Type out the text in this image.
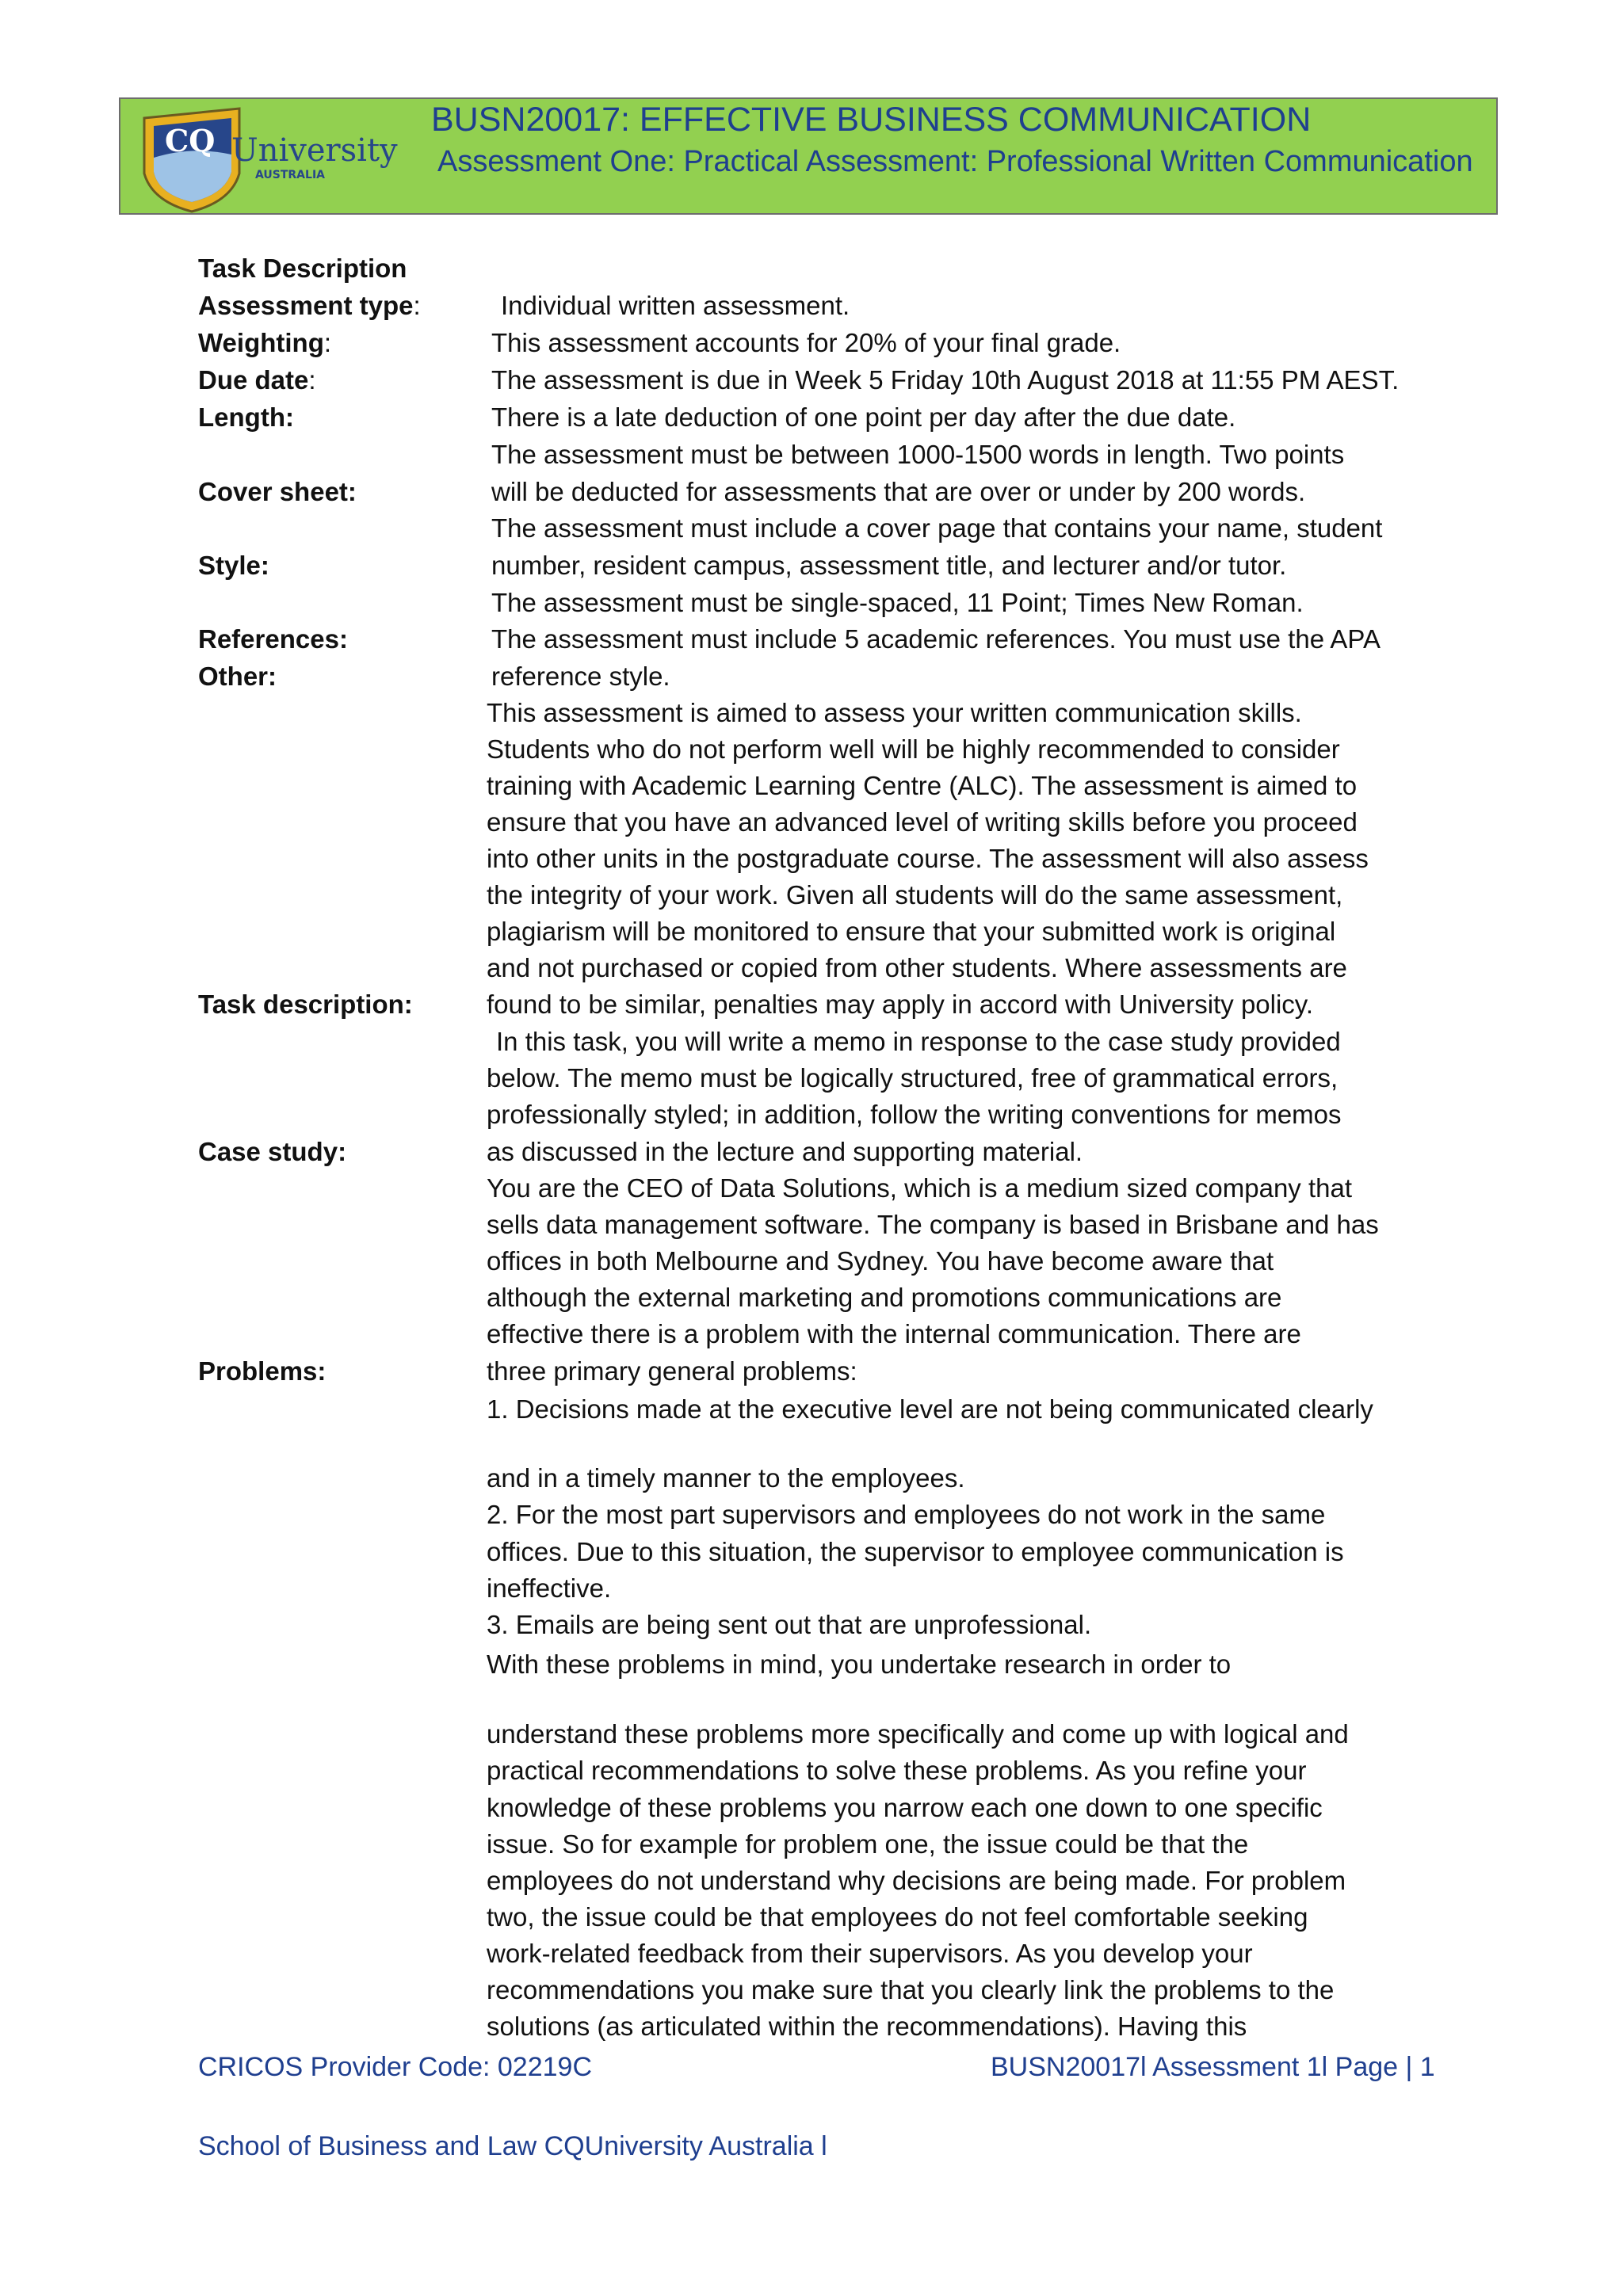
CQ University
AUSTRALIA
BUSN20017: EFFECTIVE BUSINESS COMMUNICATION
Assessment One: Practical Assessment: Professional Written Communication
Task Description
Assessment type:
Weighting:
Due date:
Length:
Cover sheet:
Style:
References:
Other:
Task description:
Case study:
Problems:
Individual written assessment.
This assessment accounts for 20% of your final grade.
The assessment is due in Week 5 Friday 10th August 2018 at 11:55 PM AEST.
There is a late deduction of one point per day after the due date.
The assessment must be between 1000-1500 words in length. Two points
will be deducted for assessments that are over or under by 200 words.
The assessment must include a cover page that contains your name, student
number, resident campus, assessment title, and lecturer and/or tutor.
The assessment must be single-spaced, 11 Point; Times New Roman.
The assessment must include 5 academic references. You must use the APA
reference style.
This assessment is aimed to assess your written communication skills.
Students who do not perform well will be highly recommended to consider
training with Academic Learning Centre (ALC). The assessment is aimed to
ensure that you have an advanced level of writing skills before you proceed
into other units in the postgraduate course. The assessment will also assess
the integrity of your work. Given all students will do the same assessment,
plagiarism will be monitored to ensure that your submitted work is original
and not purchased or copied from other students. Where assessments are
found to be similar, penalties may apply in accord with University policy.
In this task, you will write a memo in response to the case study provided
below. The memo must be logically structured, free of grammatical errors,
professionally styled; in addition, follow the writing conventions for memos
as discussed in the lecture and supporting material.
You are the CEO of Data Solutions, which is a medium sized company that
sells data management software. The company is based in Brisbane and has
offices in both Melbourne and Sydney. You have become aware that
although the external marketing and promotions communications are
effective there is a problem with the internal communication. There are
three primary general problems:
1. Decisions made at the executive level are not being communicated clearly
and in a timely manner to the employees.
2. For the most part supervisors and employees do not work in the same
offices. Due to this situation, the supervisor to employee communication is
ineffective.
3. Emails are being sent out that are unprofessional.
With these problems in mind, you undertake research in order to
understand these problems more specifically and come up with logical and
practical recommendations to solve these problems. As you refine your
knowledge of these problems you narrow each one down to one specific
issue. So for example for problem one, the issue could be that the
employees do not understand why decisions are being made. For problem
two, the issue could be that employees do not feel comfortable seeking
work-related feedback from their supervisors. As you develop your
recommendations you make sure that you clearly link the problems to the
solutions (as articulated within the recommendations). Having this
CRICOS Provider Code: 02219C	BUSN20017l Assessment 1l Page | 1
School of Business and Law CQUniversity Australia l
